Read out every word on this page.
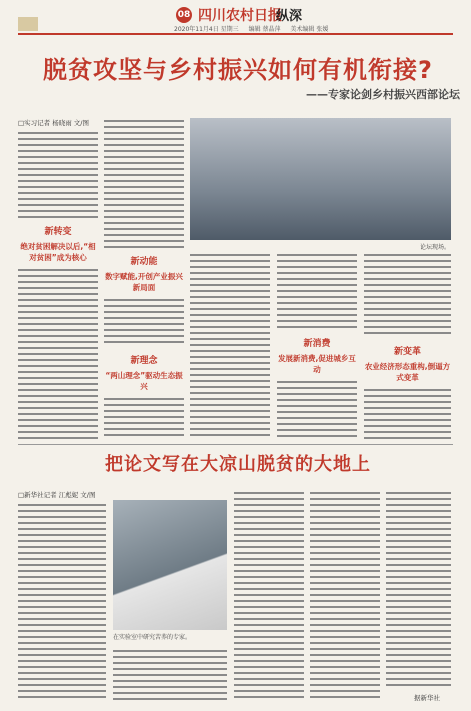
08 四川农村日报
纵深
2020年11月4日 星期三 编辑 蔡晶萍 美术编辑 张媛
脱贫攻坚与乡村振兴如何有机衔接?
——专家论剑乡村振兴西部论坛
□实习记者 杨晓雨 文/图
新转变
绝对贫困解决以后,“相对贫困”成为核心	新动能
数字赋能,开创产业振兴新局面
新理念
“两山理念”驱动生态振兴
论坛现场。
新消费
发展新消费,促进城乡互动
新变革
农业经济形态重构,倒逼方式变革
把论文写在大凉山脱贫的大地上
□新华社记者 江彪妮 文/图
在实验室中研究苦荞的专家。
据新华社
